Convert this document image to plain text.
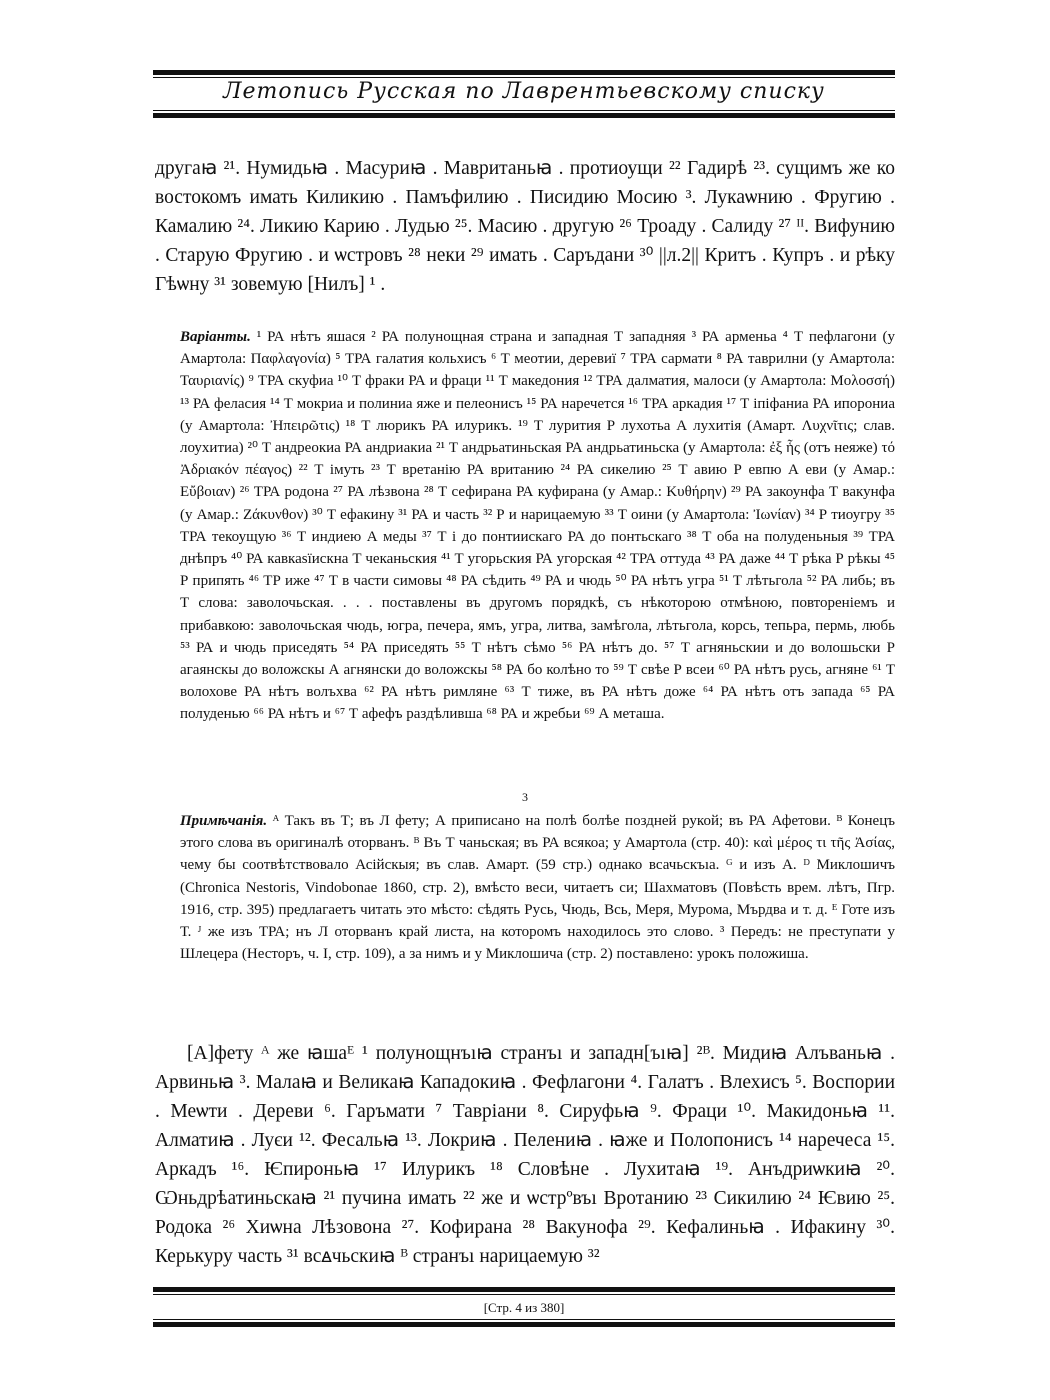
Летопись Русская по Лаврентьевскому списку

другаꙗ ²¹. Нумидьꙗ . Масуриꙗ . Мавританьꙗ . протиоущи ²² Гадирѣ ²³. сущимъ же ко востокомъ имать Киликию . Памъфилию . Писидию Мосию ³. Лукаѡнию . Фругию . Камалию ²⁴. Ликию Карию . Лудью ²⁵. Масию . другую ²⁶ Троаду . Салиду ²⁷ ᴵᴵ. Вифунию . Старую Фругию . и ѡстровъ ²⁸ неки ²⁹ имать . Саръдани ³⁰ ||л.2|| Критъ . Купръ . и рѣку Гѣѡну ³¹ зовемую [Нилъ] ¹ .

Варіанты. ¹ РА нѣтъ яшася ² РА полунощная страна и западная Т западняя ³ РА арменьа ⁴ Т пефлагони (у Амартола: Παφλαγονία) ⁵ ТРА галатия кольхисъ ⁶ Т меотии, деревиї ⁷ ТРА сармати ⁸ РА таврилни (у Амартола: Ταυριανίς) ⁹ ТРА скуфиа ¹⁰ Т фраки РА и фраци ¹¹ Т македония ¹² ТРА далматия, малоси (у Амартола: Μολοσσή) ¹³ РА феласия ¹⁴ Т мокриа и полиниа яже и пелеонисъ ¹⁵ РА наречется ¹⁶ ТРА аркадия ¹⁷ Т іпіфаниа РА ипорониа (у Амартола: Ἠπειρῶτις) ¹⁸ Т люрикъ РА илурикъ. ¹⁹ Т лурития Р лухотьа А лухитія (Амарт. Λυχνῖτις; слав. лоухитиа) ²⁰ Т андреокиа РА андриакиа ²¹ Т андрьатиньская РА андрьатиньска (у Амартола: ἐξ ἧς (отъ неяже) τό Ἀδριακόν πέαγος) ²² Т імуть ²³ Т вретанію РА вританию ²⁴ РА сикелию ²⁵ Т авию Р евпю А еви (у Амар.: Εὔβοιαν) ²⁶ ТРА родона ²⁷ РА лѣзвона ²⁸ Т сефирана РА куфирана (у Амар.: Κυθήρην) ²⁹ РА закоунфа Т вакунфа (у Амар.: Ζάκυνθον) ³⁰ Т ефакину ³¹ РА и часть ³² Р и нарицаемую ³³ Т оини (у Амартола: Ἰωνίαν) ³⁴ Р тиоугру ³⁵ ТРА текоущую ³⁶ Т индиею А меды ³⁷ Т і до понтиискаго РА до понтьскаго ³⁸ Т оба на полуденьныя ³⁹ ТРА днѣпръ ⁴⁰ РА кавкаѕїискна Т чеканьския ⁴¹ Т угорьския РА угорская ⁴² ТРА оттуда ⁴³ РА даже ⁴⁴ Т рѣка Р рѣкы ⁴⁵ Р припять ⁴⁶ ТР иже ⁴⁷ Т в части симовы ⁴⁸ РА сѣдить ⁴⁹ РА и чюдь ⁵⁰ РА нѣтъ угра ⁵¹ Т лѣтьгола ⁵² РА либь; въ Т слова: заволочьская. . . . поставлены въ другомъ порядкѣ, съ нѣкоторою отмѣною, повтореніемъ и прибавкою: заволочьская чюдь, югра, печера, ямъ, угра, литва, замѣгола, лѣтьгола, корсь, тепьра, пермь, любь ⁵³ РА и чюдь приседять ⁵⁴ РА приседять ⁵⁵ Т нѣтъ сѣмо ⁵⁶ РА нѣтъ до. ⁵⁷ Т агняньскии и до волошьски Р агаянскы до воложскы А агнянски до воложскы ⁵⁸ РА бо колѣно то ⁵⁹ Т свѣе Р всеи ⁶⁰ РА нѣтъ русь, агняне ⁶¹ Т волохове РА нѣтъ волъхва ⁶² РА нѣтъ римляне ⁶³ Т тиже, въ РА нѣтъ доже ⁶⁴ РА нѣтъ отъ запада ⁶⁵ РА полуденью ⁶⁶ РА нѣтъ и ⁶⁷ Т афефъ раздѣливша ⁶⁸ РА и жребьи ⁶⁹ А меташа.

3

Примѣчанія. ᴬ Такъ въ Т; въ Л фету; А приписано на полѣ болѣе поздней рукой; въ РА Афетови. ᴮ Конецъ этого слова въ оригиналѣ оторванъ. ᴮ Въ Т чаньская; въ РА всякоа; у Амартола (стр. 40): καὶ μέρος τι τῆς Ἀσίας, чему бы соотвѣтствовало Асійскыя; въ слав. Амарт. (59 стр.) однако всачьскъıа. ᴳ и изъ А. ᴰ Миклошичъ (Chronica Nestoris, Vindobonae 1860, стр. 2), вмѣсто веси, читаетъ си; Шахматовъ (Повѣсть врем. лѣтъ, Пгр. 1916, стр. 395) предлагаетъ читать это мѣсто: сѣдять Русь, Чюдь, Всь, Меря, Мурома, Мърдва и т. д. ᴱ Готе изъ Т. ᴶ же изъ ТРА; нъ Л оторванъ край листа, на которомъ находилось это слово. ³ Передъ: не преступати у Шлецера (Несторъ, ч. I, стр. 109), а за нимъ и у Миклошича (стр. 2) поставлено: урокъ положиша.

[А]фету ᴬ же ꙗшаᴱ ¹ полунощнъıꙗ странъı и западн[ъıꙗ] ²ᴮ. Мидиꙗ Алъваньꙗ . Арвиньꙗ ³. Малаꙗ и Великаꙗ Кападокиꙗ . Фефлагони ⁴. Галатъ . Влехисъ ⁵. Воспории . Меѡти . Дереви ⁶. Гаръмати ⁷ Тавріани ⁸. Сируфьꙗ ⁹. Фраци ¹⁰. Макидоньꙗ ¹¹. Алматиꙗ . Луєи ¹². Фесальꙗ ¹³. Локриꙗ . Пелениꙗ . ꙗже и Полопонисъ ¹⁴ наречеса ¹⁵. Аркадъ ¹⁶. Ѥпироньꙗ ¹⁷ Илурикъ ¹⁸ Словѣне . Лухитаꙗ ¹⁹. Анъдриѡкиꙗ ²⁰. Ѡньдрѣатиньскаꙗ ²¹ пучина имать ²² же и ѡстрºвъı Вротанию ²³ Сикилию ²⁴ Ѥвию ²⁵. Родока ²⁶ Хиѡна Лѣзовона ²⁷. Кофирана ²⁸ Вакунофа ²⁹. Кефалиньꙗ . Ифакину ³⁰. Керькуру часть ³¹ всꙙчьскиꙗ ᴮ странъı нарицаемую ³²

[Стр. 4 из 380]
